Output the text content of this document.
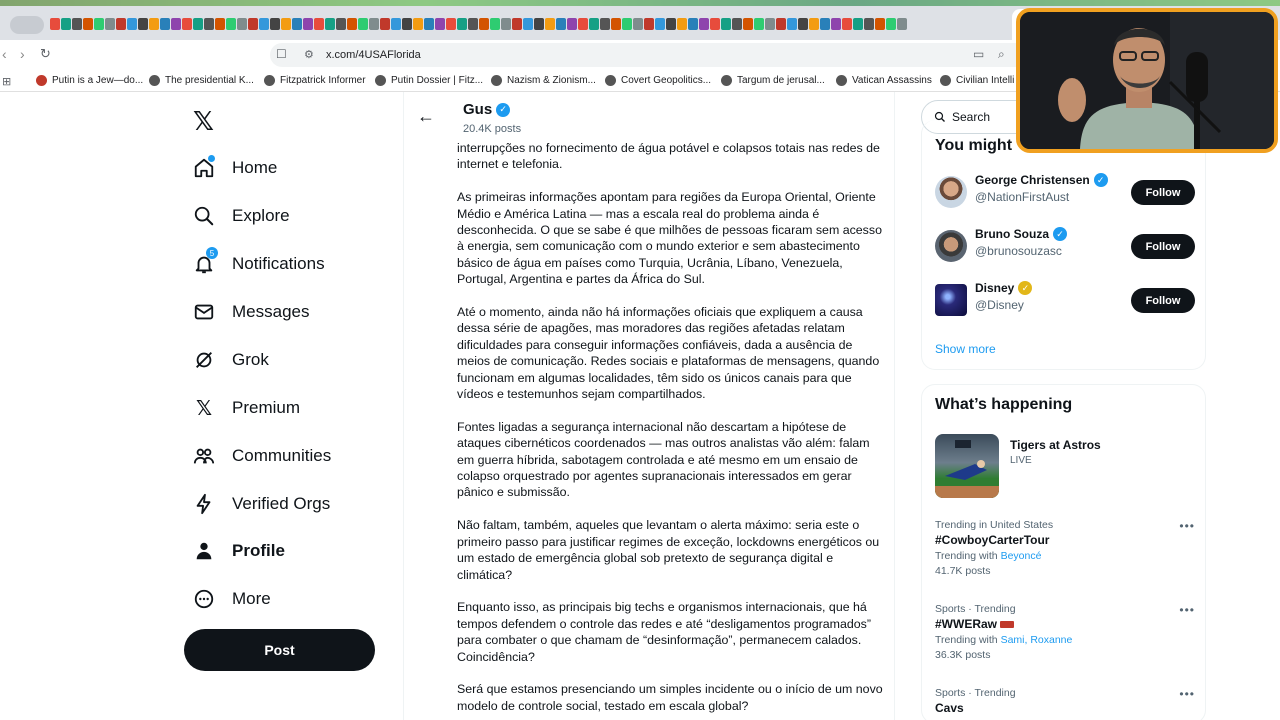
‹ › ↻	☐ ⚙ x.com/4USAFlorida	▭ ⌕
⊞	Putin is a Jew—do... The presidential K...	Fitzpatrick Informer	Putin Dossier | Fitz... Nazism & Zionism...	Covert Geopolitics...	Targum de jerusal...	Vatican Assassins Civilian Intelli
𝕏
Home
Explore
5
Notifications
Messages
Grok
𝕏 Premium
Communities
Verified Orgs
Profile
More
Post
← Gus ✓
20.4K posts

interrupções no fornecimento de água potável e colapsos totais nas redes de internet e telefonia.

As primeiras informações apontam para regiões da Europa Oriental, Oriente Médio e América Latina — mas a escala real do problema ainda é desconhecida. O que se sabe é que milhões de pessoas ficaram sem acesso à energia, sem comunicação com o mundo exterior e sem abastecimento básico de água em países como Turquia, Ucrânia, Líbano, Venezuela, Portugal, Argentina e partes da África do Sul.

Até o momento, ainda não há informações oficiais que expliquem a causa dessa série de apagões, mas moradores das regiões afetadas relatam dificuldades para conseguir informações confiáveis, dada a ausência de meios de comunicação. Redes sociais e plataformas de mensagens, quando funcionam em algumas localidades, têm sido os únicos canais para que vídeos e testemunhos sejam compartilhados.

Fontes ligadas a segurança internacional não descartam a hipótese de ataques cibernéticos coordenados — mas outros analistas vão além: falam em guerra híbrida, sabotagem controlada e até mesmo em um ensaio de colapso orquestrado por agentes supranacionais interessados em gerar pânico e submissão.

Não faltam, também, aqueles que levantam o alerta máximo: seria este o primeiro passo para justificar regimes de exceção, lockdowns energéticos ou um estado de emergência global sob pretexto de segurança digital e climática?

Enquanto isso, as principais big techs e organismos internacionais, que há tempos defendem o controle das redes e até “desligamentos programados” para combater o que chamam de “desinformação”, permanecem calados. Coincidência?

Será que estamos presenciando um simples incidente ou o início de um novo modelo de controle social, testado em escala global?

Search
You might
George Christensen ✓
@NationFirstAust	Follow
Bruno Souza ✓
@brunosouzasc	Follow
Disney ✓
@Disney	Follow
Show more
What’s happening
Tigers at Astros
LIVE
Trending in United States
#CowboyCarterTour
Trending with Beyoncé
41.7K posts
•••
Sports · Trending
#WWERaw
Trending with Sami, Roxanne
36.3K posts
•••
Sports · Trending
Cavs
•••
